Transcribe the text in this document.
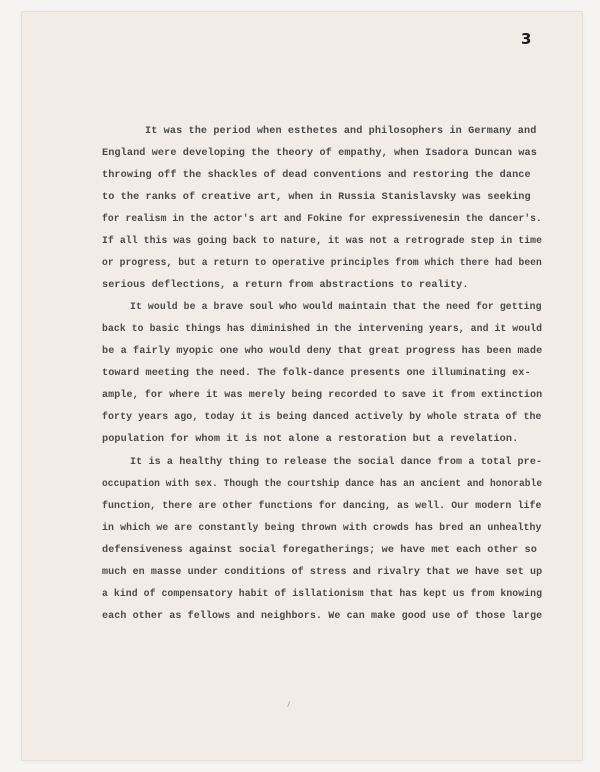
3
It was the period when esthetes and philosophers in Germany and
England were developing the theory of empathy, when Isadora Duncan was
throwing off the shackles of dead conventions and restoring the dance
to the ranks of creative art, when in Russia Stanislavsky was seeking
for realism in the actor's art and Fokine for expressivenesin the dancer's.
If all this was going back to nature, it was not a retrograde step in time
or progress, but a return to operative principles from which there had been
serious deflections, a return from abstractions to reality.
It would be a brave soul who would maintain that the need for getting
back to basic things has diminished in the intervening years, and it would
be a fairly myopic one who would deny that great progress has been made
toward meeting the need. The folk-dance presents one illuminating ex-
ample, for where it was merely being recorded to save it from extinction
forty years ago, today it is being danced actively by whole strata of the
population for whom it is not alone a restoration but a revelation.
It is a healthy thing to release the social dance from a total pre-
occupation with sex. Though the courtship dance has an ancient and honorable
function, there are other functions for dancing, as well. Our modern life
in which we are constantly being thrown with crowds has bred an unhealthy
defensiveness against social foregatherings; we have met each other so
much en masse under conditions of stress and rivalry that we have set up
a kind of compensatory habit of isllationism that has kept us from knowing
each other as fellows and neighbors. We can make good use of those large
